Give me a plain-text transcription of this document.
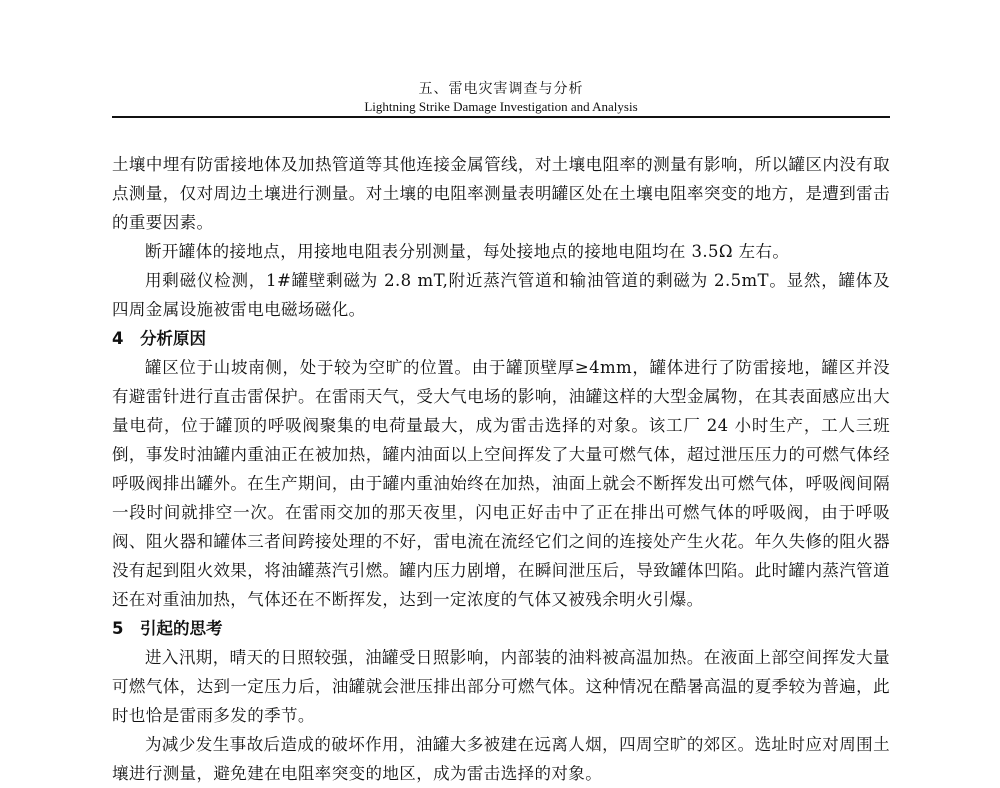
五、雷电灾害调查与分析
Lightning Strike Damage Investigation and Analysis

土壤中埋有防雷接地体及加热管道等其他连接金属管线，对土壤电阻率的测量有影响，所以罐区内没有取点测量，仅对周边土壤进行测量。对土壤的电阻率测量表明罐区处在土壤电阻率突变的地方，是遭到雷击的重要因素。

断开罐体的接地点，用接地电阻表分别测量，每处接地点的接地电阻均在 3.5Ω 左右。

用剩磁仪检测，1#罐壁剩磁为 2.8 mT,附近蒸汽管道和输油管道的剩磁为 2.5mT。显然，罐体及四周金属设施被雷电电磁场磁化。

4 分析原因

罐区位于山坡南侧，处于较为空旷的位置。由于罐顶壁厚≥4mm，罐体进行了防雷接地，罐区并没有避雷针进行直击雷保护。在雷雨天气，受大气电场的影响，油罐这样的大型金属物，在其表面感应出大量电荷，位于罐顶的呼吸阀聚集的电荷量最大，成为雷击选择的对象。该工厂 24 小时生产，工人三班倒，事发时油罐内重油正在被加热，罐内油面以上空间挥发了大量可燃气体，超过泄压压力的可燃气体经呼吸阀排出罐外。在生产期间，由于罐内重油始终在加热，油面上就会不断挥发出可燃气体，呼吸阀间隔一段时间就排空一次。在雷雨交加的那天夜里，闪电正好击中了正在排出可燃气体的呼吸阀，由于呼吸阀、阻火器和罐体三者间跨接处理的不好，雷电流在流经它们之间的连接处产生火花。年久失修的阻火器没有起到阻火效果，将油罐蒸汽引燃。罐内压力剧增，在瞬间泄压后，导致罐体凹陷。此时罐内蒸汽管道还在对重油加热，气体还在不断挥发，达到一定浓度的气体又被残余明火引爆。

5 引起的思考

进入汛期，晴天的日照较强，油罐受日照影响，内部装的油料被高温加热。在液面上部空间挥发大量可燃气体，达到一定压力后，油罐就会泄压排出部分可燃气体。这种情况在酷暑高温的夏季较为普遍，此时也恰是雷雨多发的季节。

为减少发生事故后造成的破坏作用，油罐大多被建在远离人烟，四周空旷的郊区。选址时应对周围土壤进行测量，避免建在电阻率突变的地区，成为雷击选择的对象。
